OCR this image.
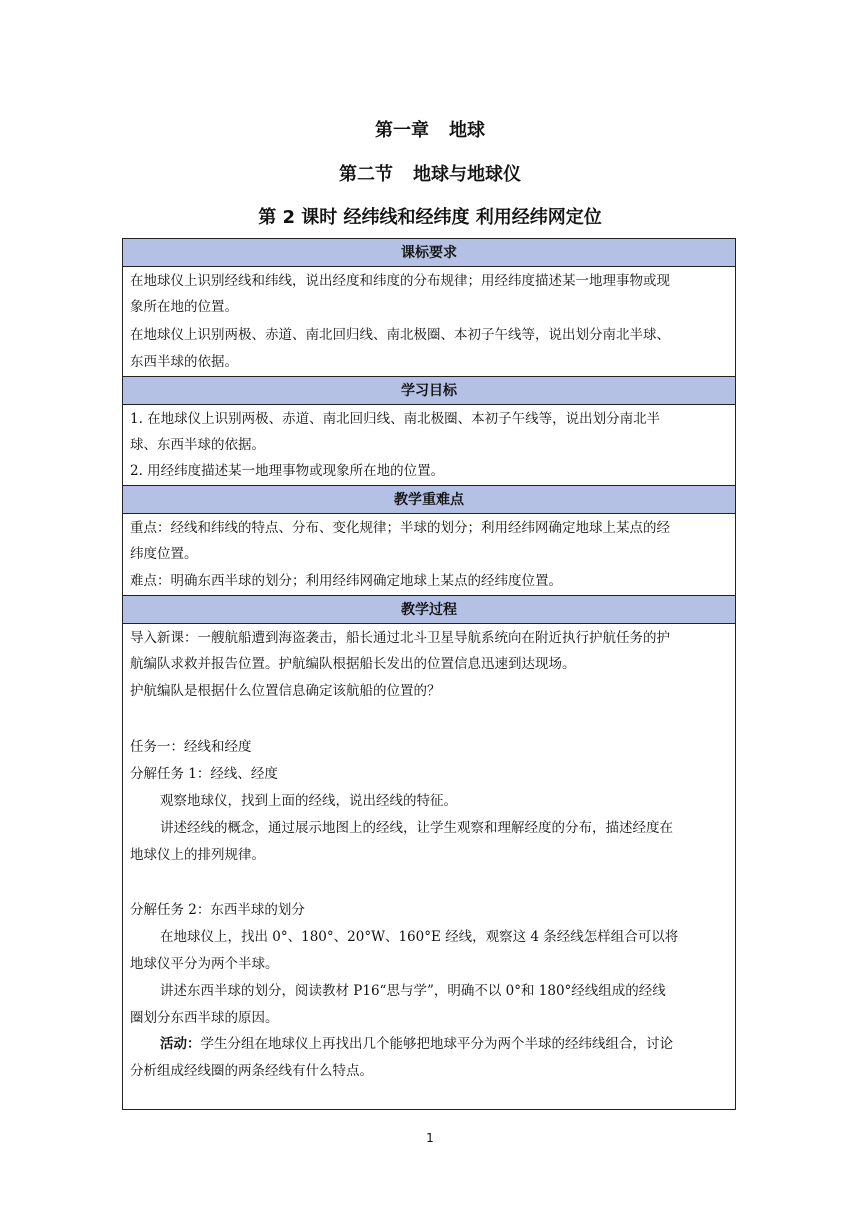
第一章 地球
第二节 地球与地球仪
第 2 课时 经纬线和经纬度 利用经纬网定位
课标要求
在地球仪上识别经线和纬线，说出经度和纬度的分布规律；用经纬度描述某一地理事物或现
象所在地的位置。
在地球仪上识别两极、赤道、南北回归线、南北极圈、本初子午线等，说出划分南北半球、
东西半球的依据。
学习目标
1. 在地球仪上识别两极、赤道、南北回归线、南北极圈、本初子午线等，说出划分南北半
球、东西半球的依据。
2. 用经纬度描述某一地理事物或现象所在地的位置。
教学重难点
重点：经线和纬线的特点、分布、变化规律；半球的划分；利用经纬网确定地球上某点的经
纬度位置。
难点：明确东西半球的划分；利用经纬网确定地球上某点的经纬度位置。
教学过程
导入新课：一艘航船遭到海盗袭击，船长通过北斗卫星导航系统向在附近执行护航任务的护
航编队求救并报告位置。护航编队根据船长发出的位置信息迅速到达现场。
护航编队是根据什么位置信息确定该航船的位置的？
任务一：经线和经度
分解任务 1：经线、经度
观察地球仪，找到上面的经线，说出经线的特征。
讲述经线的概念，通过展示地图上的经线，让学生观察和理解经度的分布，描述经度在
地球仪上的排列规律。
分解任务 2：东西半球的划分
在地球仪上，找出 0°、180°、20°W、160°E 经线，观察这 4 条经线怎样组合可以将
地球仪平分为两个半球。
讲述东西半球的划分，阅读教材 P16“思与学”，明确不以 0°和 180°经线组成的经线
圈划分东西半球的原因。
活动：学生分组在地球仪上再找出几个能够把地球平分为两个半球的经纬线组合，讨论
分析组成经线圈的两条经线有什么特点。
1
